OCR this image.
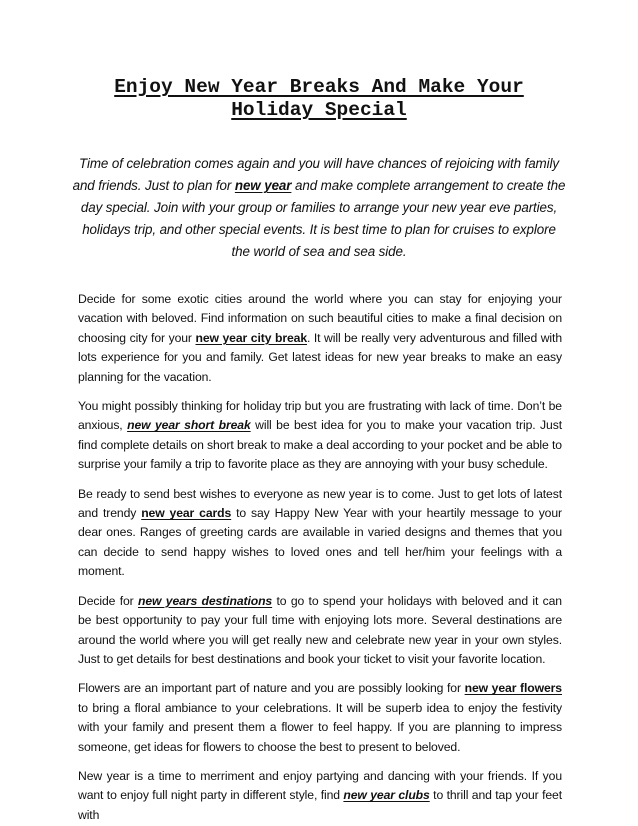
Enjoy New Year Breaks And Make Your
Holiday Special

Time of celebration comes again and you will have chances of rejoicing with family and friends. Just to plan for new year and make complete arrangement to create the day special. Join with your group or families to arrange your new year eve parties, holidays trip, and other special events. It is best time to plan for cruises to explore the world of sea and sea side.

Decide for some exotic cities around the world where you can stay for enjoying your vacation with beloved. Find information on such beautiful cities to make a final decision on choosing city for your new year city break. It will be really very adventurous and filled with lots experience for you and family. Get latest ideas for new year breaks to make an easy planning for the vacation.

You might possibly thinking for holiday trip but you are frustrating with lack of time. Don’t be anxious, new year short break will be best idea for you to make your vacation trip. Just find complete details on short break to make a deal according to your pocket and be able to surprise your family a trip to favorite place as they are annoying with your busy schedule.

Be ready to send best wishes to everyone as new year is to come. Just to get lots of latest and trendy new year cards to say Happy New Year with your heartily message to your dear ones. Ranges of greeting cards are available in varied designs and themes that you can decide to send happy wishes to loved ones and tell her/him your feelings with a moment.

Decide for new years destinations to go to spend your holidays with beloved and it can be best opportunity to pay your full time with enjoying lots more. Several destinations are around the world where you will get really new and celebrate new year in your own styles. Just to get details for best destinations and book your ticket to visit your favorite location.

Flowers are an important part of nature and you are possibly looking for new year flowers to bring a floral ambiance to your celebrations. It will be superb idea to enjoy the festivity with your family and present them a flower to feel happy. If you are planning to impress someone, get ideas for flowers to choose the best to present to beloved.

New year is a time to merriment and enjoy partying and dancing with your friends. If you want to enjoy full night party in different style, find new year clubs to thrill and tap your feet with
